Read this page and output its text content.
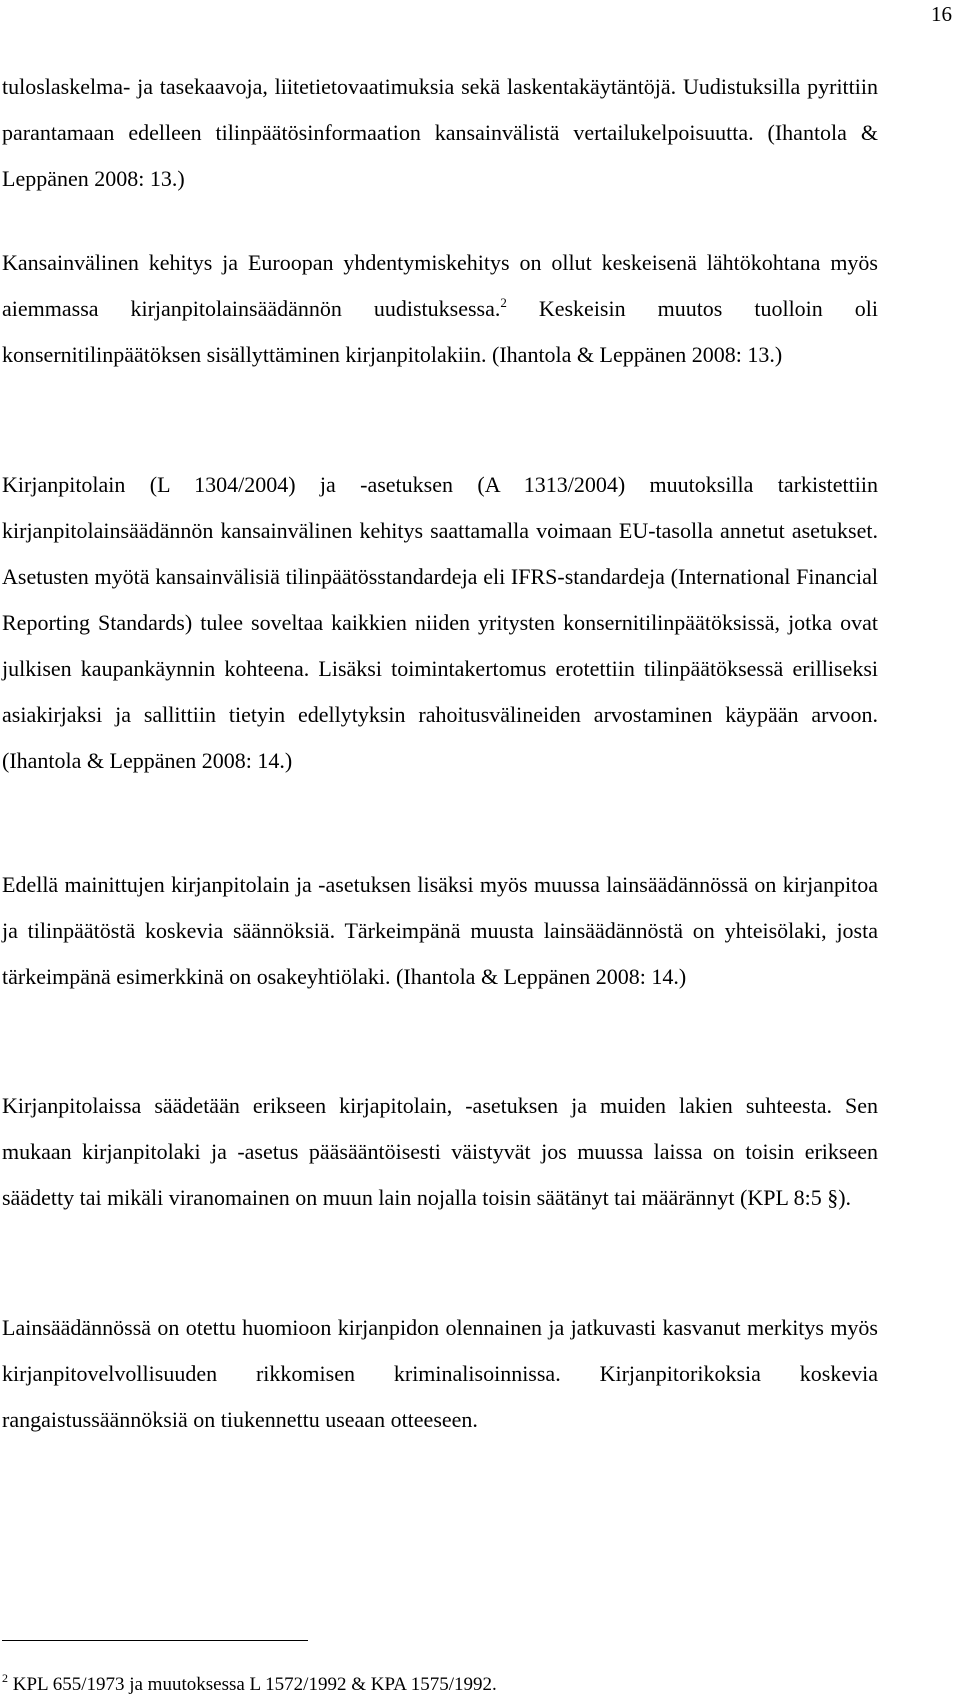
16

tuloslaskelma- ja tasekaavoja, liitetietovaatimuksia sekä laskentakäytäntöjä. Uudistuksilla pyrittiin parantamaan edelleen tilinpäätösinformaation kansainvälistä vertailukelpoisuutta. (Ihantola & Leppänen 2008: 13.)

Kansainvälinen kehitys ja Euroopan yhdentymiskehitys on ollut keskeisenä lähtökohtana myös aiemmassa kirjanpitolainsäädännön uudistuksessa.$^2$ Keskeisin muutos tuolloin oli konsernitilinpäätöksen sisällyttäminen kirjanpitolakiin. (Ihantola & Leppänen 2008: 13.)

Kirjanpitolain (L 1304/2004) ja -asetuksen (A 1313/2004) muutoksilla tarkistettiin kirjanpitolainsäädännön kansainvälinen kehitys saattamalla voimaan EU-tasolla annetut asetukset. Asetusten myötä kansainvälisiä tilinpäätösstandardeja eli IFRS-standardeja (International Financial Reporting Standards) tulee soveltaa kaikkien niiden yritysten konsernitilinpäätöksissä, jotka ovat julkisen kaupankäynnin kohteena. Lisäksi toimintakertomus erotettiin tilinpäätöksessä erilliseksi asiakirjaksi ja sallittiin tietyin edellytyksin rahoitusvälineiden arvostaminen käypään arvoon. (Ihantola & Leppänen 2008: 14.)

Edellä mainittujen kirjanpitolain ja -asetuksen lisäksi myös muussa lainsäädännössä on kirjanpitoa ja tilinpäätöstä koskevia säännöksiä. Tärkeimpänä muusta lainsäädännöstä on yhteisölaki, josta tärkeimpänä esimerkkinä on osakeyhtiölaki. (Ihantola & Leppänen 2008: 14.)

Kirjanpitolaissa säädetään erikseen kirjapitolain, -asetuksen ja muiden lakien suhteesta. Sen mukaan kirjanpitolaki ja -asetus pääsääntöisesti väistyvät jos muussa laissa on toisin erikseen säädetty tai mikäli viranomainen on muun lain nojalla toisin säätänyt tai määrännyt (KPL 8:5 §).

Lainsäädännössä on otettu huomioon kirjanpidon olennainen ja jatkuvasti kasvanut merkitys myös kirjanpitovelvollisuuden rikkomisen kriminalisoinnissa. Kirjanpitorikoksia koskevia rangaistussäännöksiä on tiukennettu useaan otteeseen.

$^2$ KPL 655/1973 ja muutoksessa L 1572/1992 & KPA 1575/1992.
